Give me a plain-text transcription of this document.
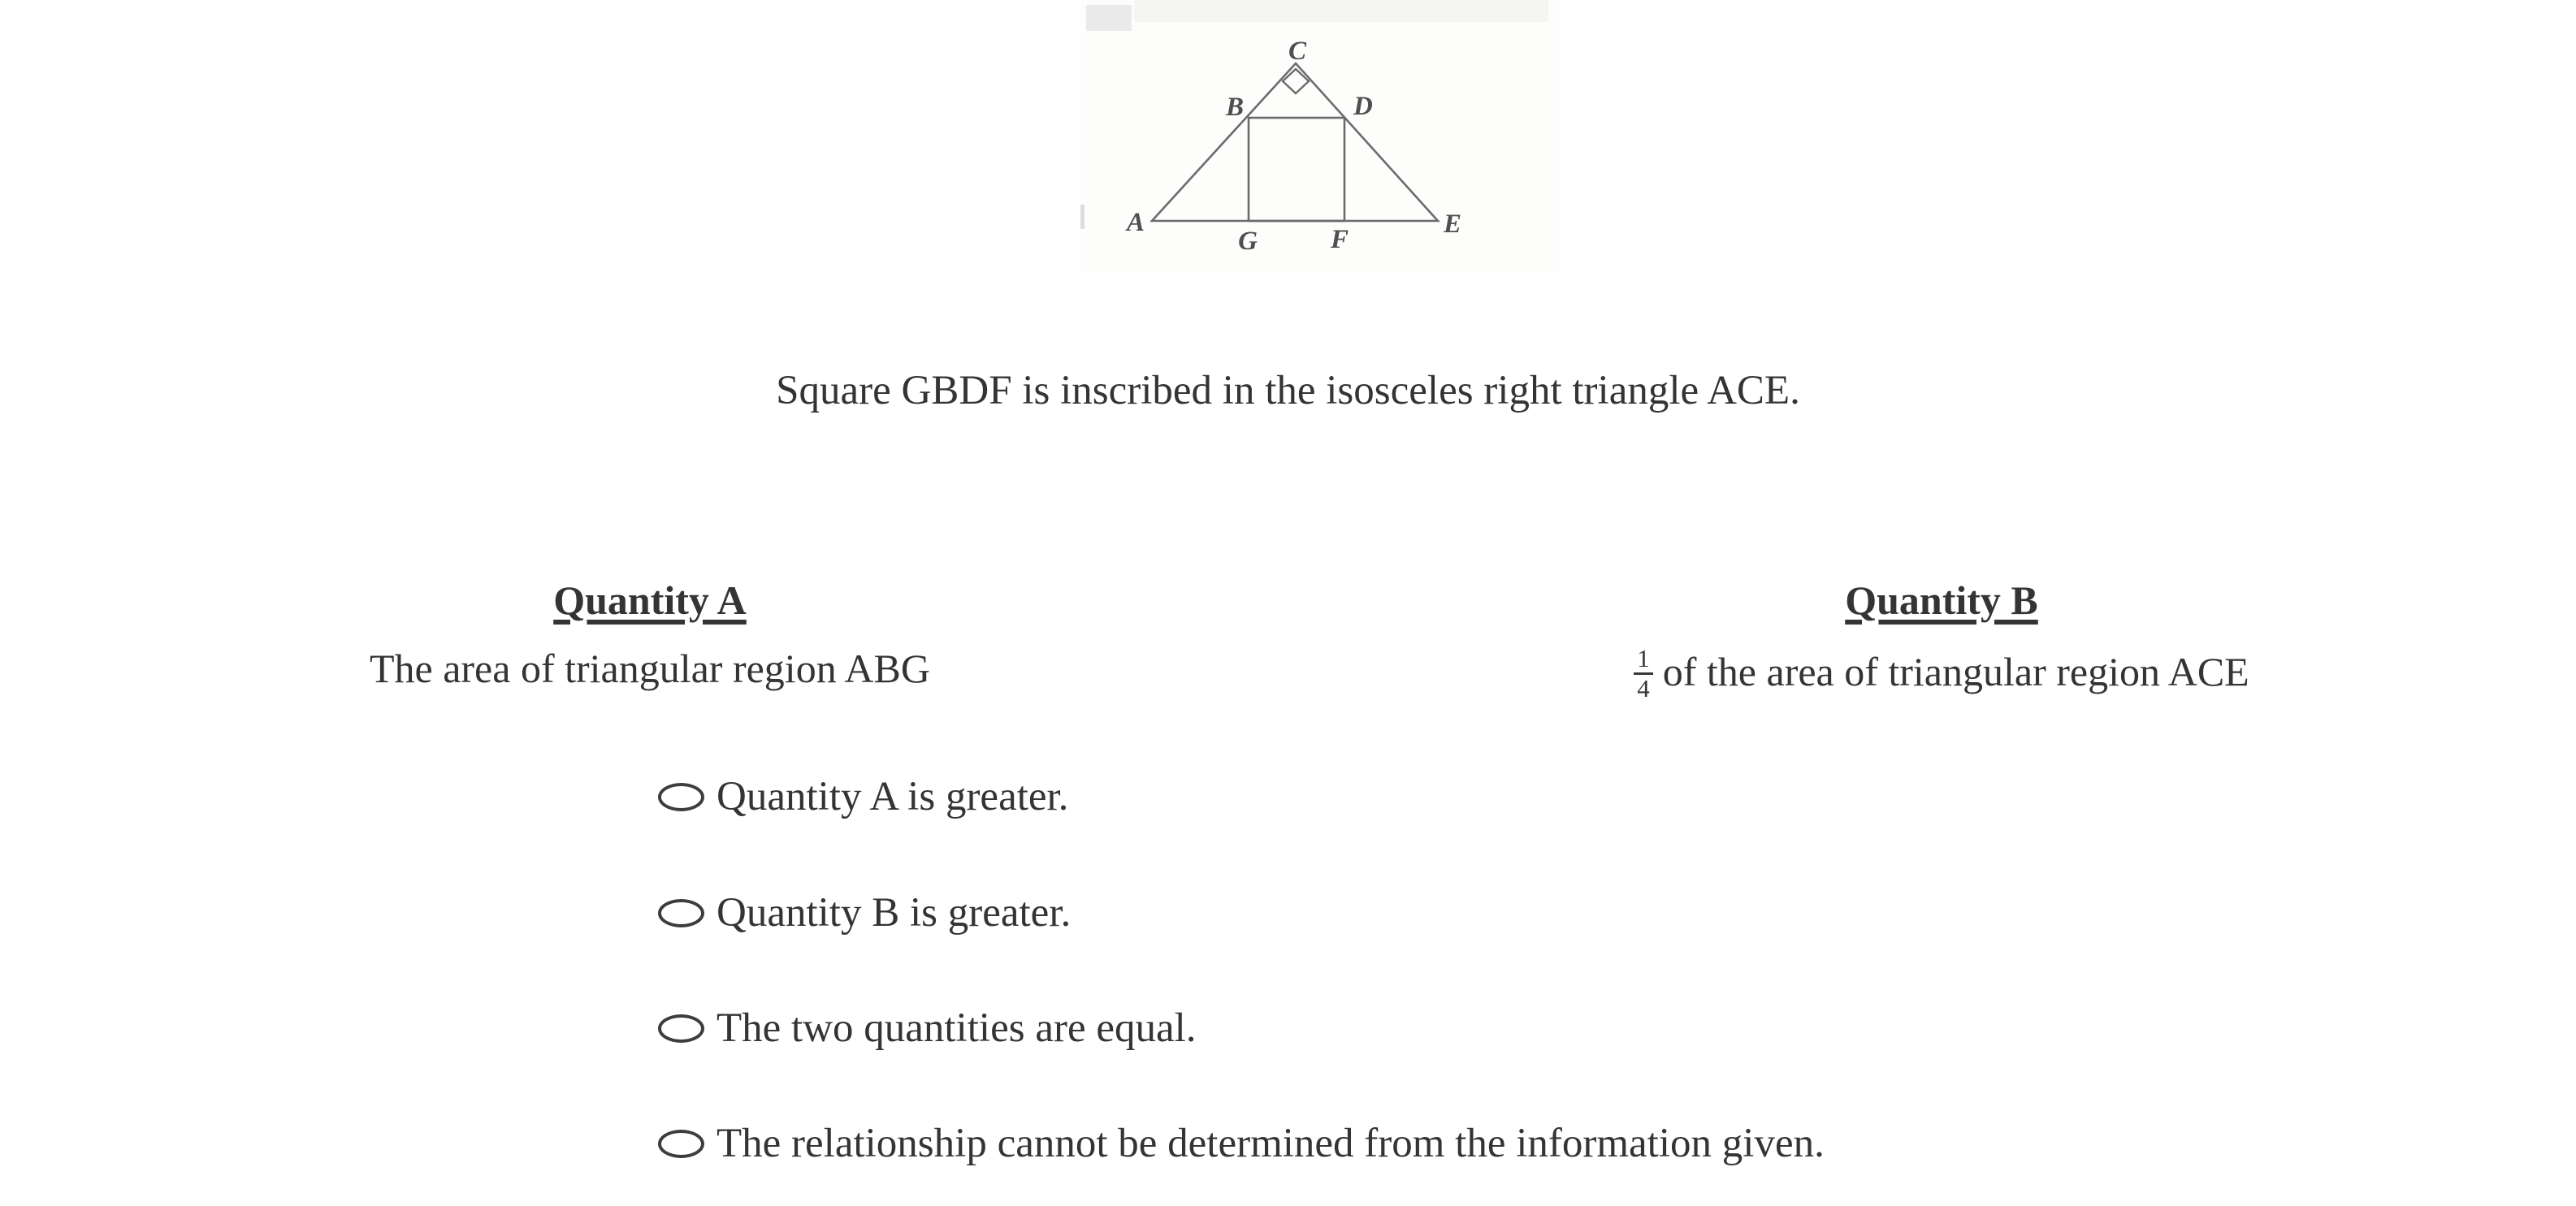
C
B	D
A	E
G	F
Square GBDF is inscribed in the isosceles right triangle ACE.
Quantity A
The area of triangular region ABG
Quantity B
$\frac{1}{4}$ of the area of triangular region ACE
Quantity A is greater.
Quantity B is greater.
The two quantities are equal.
The relationship cannot be determined from the information given.
